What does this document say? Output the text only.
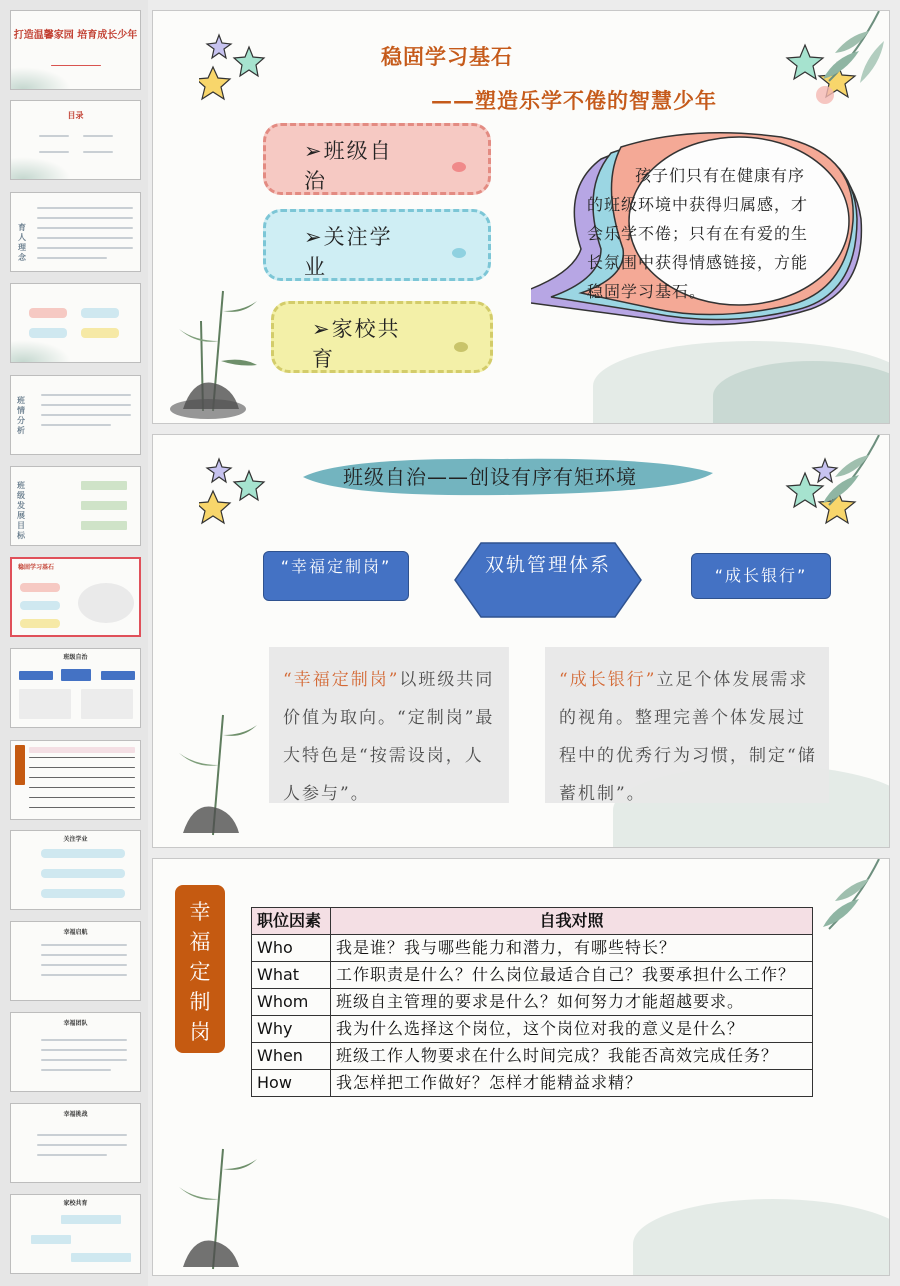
打造温馨家园 培育成长少年
目录
育人理念
班情分析
班级发展目标
稳固学习基石
班级自治
关注学业
幸福启航
幸福团队
幸福挑战
家校共育
稳固学习基石
——塑造乐学不倦的智慧少年
➢班级自治
➢关注学业
➢家校共育
孩子们只有在健康有序的班级环境中获得归属感，才会乐学不倦；只有在有爱的生长氛围中获得情感链接，方能稳固学习基石。
班级自治——创设有序有矩环境
“幸福定制岗”	双轨管理体系	“成长银行”
“幸福定制岗”以班级共同价值为取向。“定制岗”最大特色是“按需设岗，人人参与”。
“成长银行”立足个体发展需求的视角。整理完善个体发展过程中的优秀行为习惯，制定“储蓄机制”。
幸福定制岗
职位因素	自我对照
Who	我是谁？我与哪些能力和潜力，有哪些特长？
What	工作职责是什么？什么岗位最适合自己？我要承担什么工作？
Whom	班级自主管理的要求是什么？如何努力才能超越要求。
Why	我为什么选择这个岗位，这个岗位对我的意义是什么？
When	班级工作人物要求在什么时间完成？我能否高效完成任务？
How	我怎样把工作做好？怎样才能精益求精？
